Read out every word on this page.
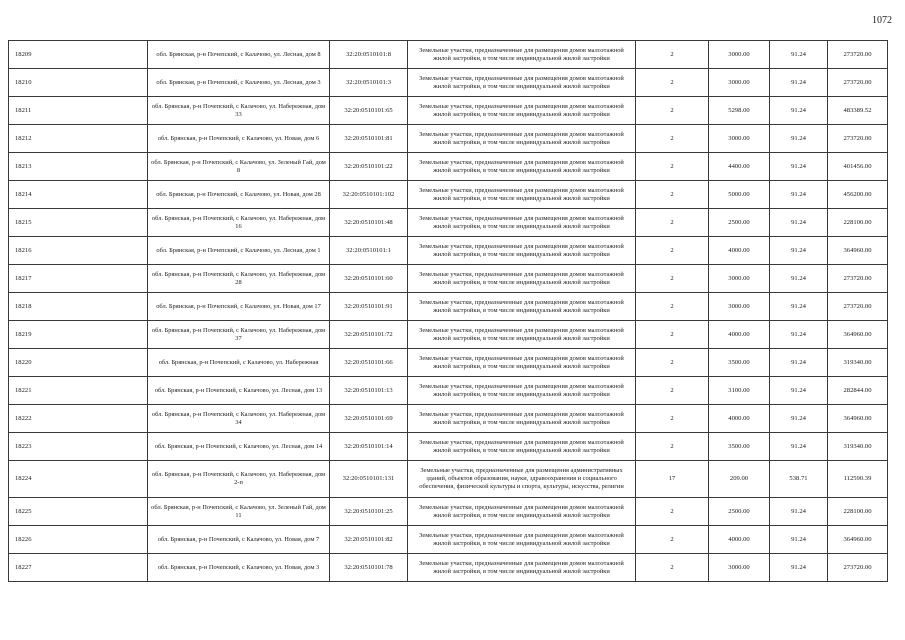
1072
18209	обл. Брянская, р-н Почепский, с Калачово, ул. Лесная, дом 8	32:20:0510101:8	Земельные участки, предназначенные для размещения домов малоэтажной жилой застройки, в том числе индивидуальной жилой застройки	2	3000.00	91.24	273720.00
18210	обл. Брянская, р-н Почепский, с Калачово, ул. Лесная, дом 3	32:20:0510101:3	Земельные участки, предназначенные для размещения домов малоэтажной жилой застройки, в том числе индивидуальной жилой застройки	2	3000.00	91.24	273720.00
18211	обл. Брянская, р-н Почепский, с Калачово, ул. Набережная, дом 33	32:20:0510101:65	Земельные участки, предназначенные для размещения домов малоэтажной жилой застройки, в том числе индивидуальной жилой застройки	2	5298.00	91.24	483389.52
18212	обл. Брянская, р-н Почепский, с Калачово, ул. Новая, дом 6	32:20:0510101:81	Земельные участки, предназначенные для размещения домов малоэтажной жилой застройки, в том числе индивидуальной жилой застройки	2	3000.00	91.24	273720.00
18213	обл. Брянская, р-н Почепский, с Калачово, ул. Зеленый Гай, дом 8	32:20:0510101:22	Земельные участки, предназначенные для размещения домов малоэтажной жилой застройки, в том числе индивидуальной жилой застройки	2	4400.00	91.24	401456.00
18214	обл. Брянская, р-н Почепский, с Калачово, ул. Новая, дом 28	32:20:0510101:102	Земельные участки, предназначенные для размещения домов малоэтажной жилой застройки, в том числе индивидуальной жилой застройки	2	5000.00	91.24	456200.00
18215	обл. Брянская, р-н Почепский, с Калачово, ул. Набережная, дом 16	32:20:0510101:48	Земельные участки, предназначенные для размещения домов малоэтажной жилой застройки, в том числе индивидуальной жилой застройки	2	2500.00	91.24	228100.00
18216	обл. Брянская, р-н Почепский, с Калачово, ул. Лесная, дом 1	32:20:0510101:1	Земельные участки, предназначенные для размещения домов малоэтажной жилой застройки, в том числе индивидуальной жилой застройки	2	4000.00	91.24	364960.00
18217	обл. Брянская, р-н Почепский, с Калачово, ул. Набережная, дом 28	32:20:0510101:60	Земельные участки, предназначенные для размещения домов малоэтажной жилой застройки, в том числе индивидуальной жилой застройки	2	3000.00	91.24	273720.00
18218	обл. Брянская, р-н Почепский, с Калачово, ул. Новая, дом 17	32:20:0510101:91	Земельные участки, предназначенные для размещения домов малоэтажной жилой застройки, в том числе индивидуальной жилой застройки	2	3000.00	91.24	273720.00
18219	обл. Брянская, р-н Почепский, с Калачово, ул. Набережная, дом 37	32:20:0510101:72	Земельные участки, предназначенные для размещения домов малоэтажной жилой застройки, в том числе индивидуальной жилой застройки	2	4000.00	91.24	364960.00
18220	обл. Брянская, р-н Почепский, с Калачово, ул. Набережная	32:20:0510101:66	Земельные участки, предназначенные для размещения домов малоэтажной жилой застройки, в том числе индивидуальной жилой застройки	2	3500.00	91.24	319340.00
18221	обл. Брянская, р-н Почепский, с Калачово, ул. Лесная, дом 13	32:20:0510101:13	Земельные участки, предназначенные для размещения домов малоэтажной жилой застройки, в том числе индивидуальной жилой застройки	2	3100.00	91.24	282844.00
18222	обл. Брянская, р-н Почепский, с Калачово, ул. Набережная, дом 34	32:20:0510101:69	Земельные участки, предназначенные для размещения домов малоэтажной жилой застройки, в том числе индивидуальной жилой застройки	2	4000.00	91.24	364960.00
18223	обл. Брянская, р-н Почепский, с Калачово, ул. Лесная, дом 14	32:20:0510101:14	Земельные участки, предназначенные для размещения домов малоэтажной жилой застройки, в том числе индивидуальной жилой застройки	2	3500.00	91.24	319340.00
18224	обл. Брянская, р-н Почепский, с Калачово, ул. Набережная, дом 2-п	32:20:0510101:131	Земельные участки, предназначенные для размещения административных зданий, объектов образования, науки, здравоохранения и социального обеспечения, физической культуры и спорта, культуры, искусства, религии	17	209.00	538.71	112590.39
18225	обл. Брянская, р-н Почепский, с Калачово, ул. Зеленый Гай, дом 11	32:20:0510101:25	Земельные участки, предназначенные для размещения домов малоэтажной жилой застройки, в том числе индивидуальной жилой застройки	2	2500.00	91.24	228100.00
18226	обл. Брянская, р-н Почепский, с Калачово, ул. Новая, дом 7	32:20:0510101:82	Земельные участки, предназначенные для размещения домов малоэтажной жилой застройки, в том числе индивидуальной жилой застройки	2	4000.00	91.24	364960.00
18227	обл. Брянская, р-н Почепский, с Калачово, ул. Новая, дом 3	32:20:0510101:78	Земельные участки, предназначенные для размещения домов малоэтажной жилой застройки, в том числе индивидуальной жилой застройки	2	3000.00	91.24	273720.00
